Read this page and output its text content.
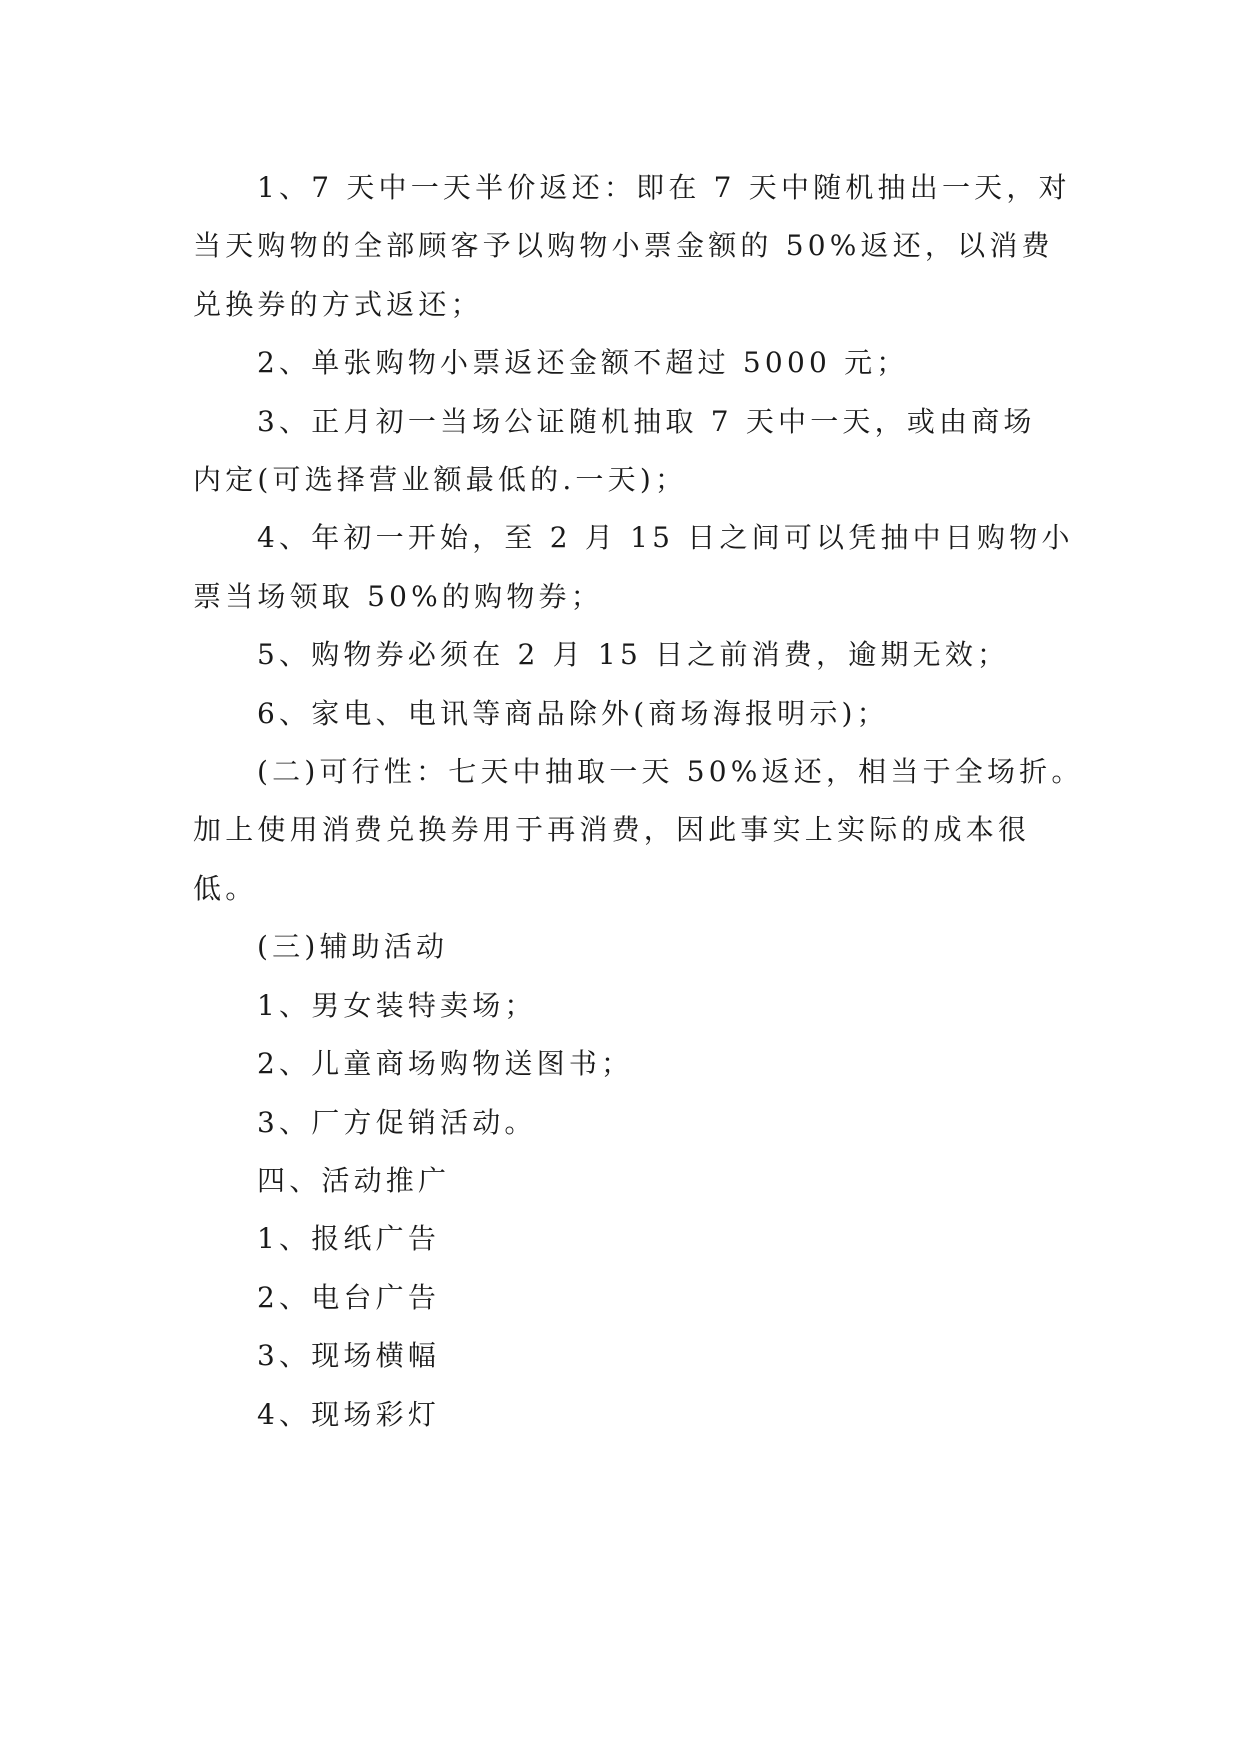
1、7 天中一天半价返还：即在 7 天中随机抽出一天，对

当天购物的全部顾客予以购物小票金额的 50%返还，以消费

兑换券的方式返还；

2、单张购物小票返还金额不超过 5000 元；

3、正月初一当场公证随机抽取 7 天中一天，或由商场

内定(可选择营业额最低的.一天)；

4、年初一开始，至 2 月 15 日之间可以凭抽中日购物小

票当场领取 50%的购物券；

5、购物券必须在 2 月 15 日之前消费，逾期无效；

6、家电、电讯等商品除外(商场海报明示)；

(二)可行性：七天中抽取一天 50%返还，相当于全场折。

加上使用消费兑换券用于再消费，因此事实上实际的成本很

低。

(三)辅助活动

1、男女装特卖场；

2、儿童商场购物送图书；

3、厂方促销活动。

四、活动推广

1、报纸广告

2、电台广告

3、现场横幅

4、现场彩灯
